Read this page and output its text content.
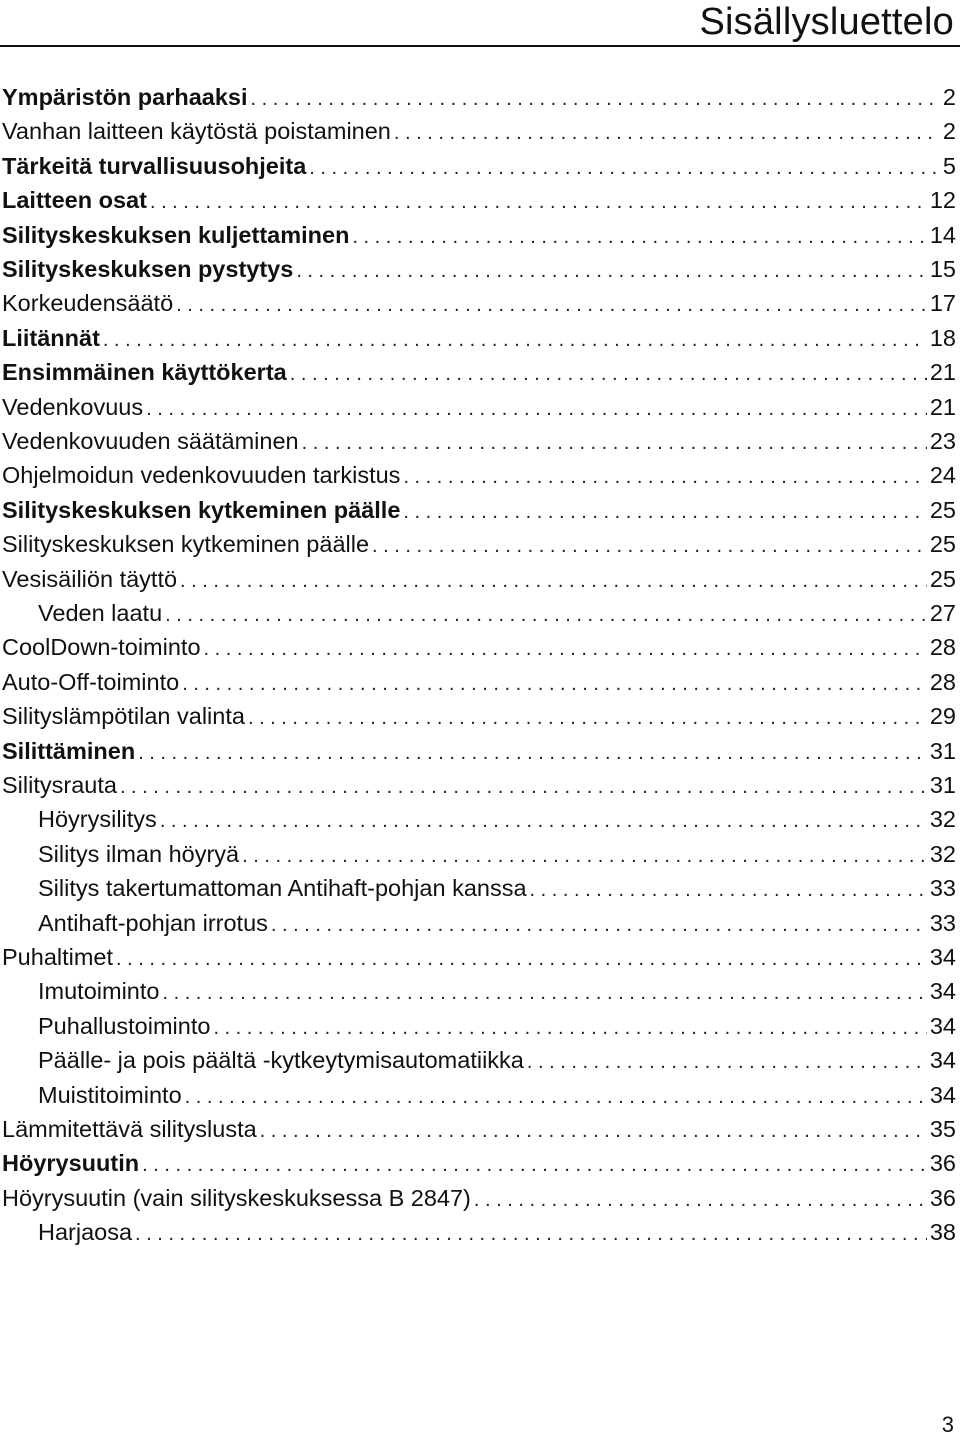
Sisällysluettelo
Ympäristön parhaaksi . . .	2
Vanhan laitteen käytöstä poistaminen . . .	2
Tärkeitä turvallisuusohjeita . . .	5
Laitteen osat . . .	12
Silityskeskuksen kuljettaminen . . .	14
Silityskeskuksen pystytys . . .	15
Korkeudensäätö . . .	17
Liitännät . . .	18
Ensimmäinen käyttökerta . . .	21
Vedenkovuus . . .	21
Vedenkovuuden säätäminen . . .	23
Ohjelmoidun vedenkovuuden tarkistus . . .	24
Silityskeskuksen kytkeminen päälle . . .	25
Silityskeskuksen kytkeminen päälle . . .	25
Vesisäiliön täyttö . . .	25
Veden laatu . . .	27
CoolDown-toiminto . . .	28
Auto-Off-toiminto . . .	28
Silityslämpötilan valinta . . .	29
Silittäminen . . .	31
Silitysrauta . . .	31
Höyrysilitys . . .	32
Silitys ilman höyryä . . .	32
Silitys takertumattoman Antihaft-pohjan kanssa . . .	33
Antihaft-pohjan irrotus . . .	33
Puhaltimet . . .	34
Imutoiminto . . .	34
Puhallustoiminto . . .	34
Päälle- ja pois päältä -kytkeytymisautomatiikka . . .	34
Muistitoiminto . . .	34
Lämmitettävä silityslusta . . .	35
Höyrysuutin . . .	36
Höyrysuutin (vain silityskeskuksessa B 2847) . . .	36
Harjaosa . . .	38
3
